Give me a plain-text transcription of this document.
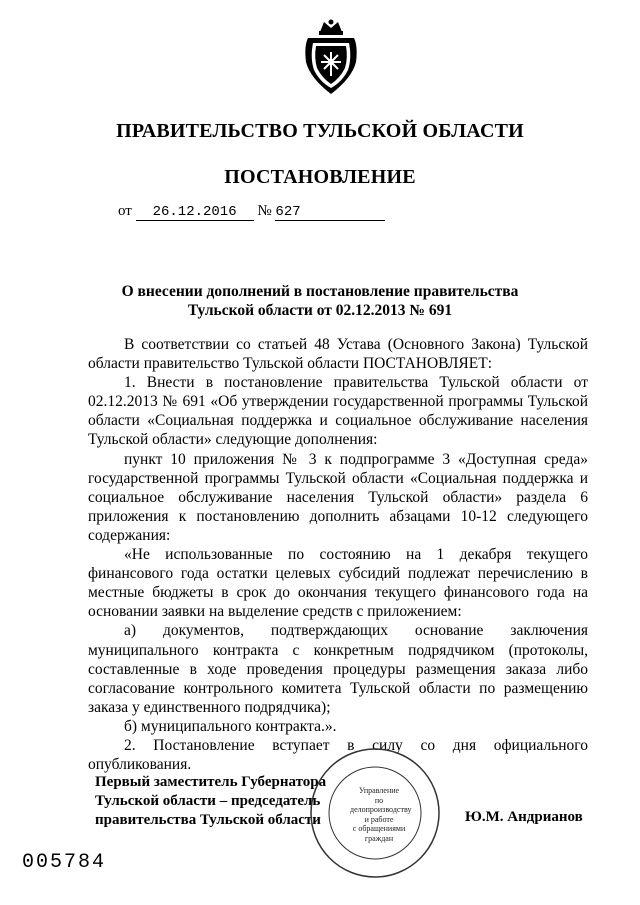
ПРАВИТЕЛЬСТВО ТУЛЬСКОЙ ОБЛАСТИ
ПОСТАНОВЛЕНИЕ
от 26.12.2016 № 627
О внесении дополнений в постановление правительства
Тульской области от 02.12.2013 № 691

В соответствии со статьей 48 Устава (Основного Закона) Тульской области правительство Тульской области ПОСТАНОВЛЯЕТ:

1. Внести в постановление правительства Тульской области от 02.12.2013 № 691 «Об утверждении государственной программы Тульской области «Социальная поддержка и социальное обслуживание населения Тульской области» следующие дополнения:

пункт 10 приложения № 3 к подпрограмме 3 «Доступная среда» государственной программы Тульской области «Социальная поддержка и социальное обслуживание населения Тульской области» раздела 6 приложения к постановлению дополнить абзацами 10-12 следующего содержания:

«Не использованные по состоянию на 1 декабря текущего финансового года остатки целевых субсидий подлежат перечислению в местные бюджеты в срок до окончания текущего финансового года на основании заявки на выделение средств с приложением:

а) документов, подтверждающих основание заключения муниципального контракта с конкретным подрядчиком (протоколы, составленные в ходе проведения процедуры размещения заказа либо согласование контрольного комитета Тульской области по размещению заказа у единственного подрядчика);

б) муниципального контракта.».

2. Постановление вступает в силу со дня официального опубликования.

Первый заместитель Губернатора
Тульской области – председатель
правительства Тульской области
Управление
по делопроизводству
и работе
с обращениями
граждан
Ю.М. Андрианов
005784
